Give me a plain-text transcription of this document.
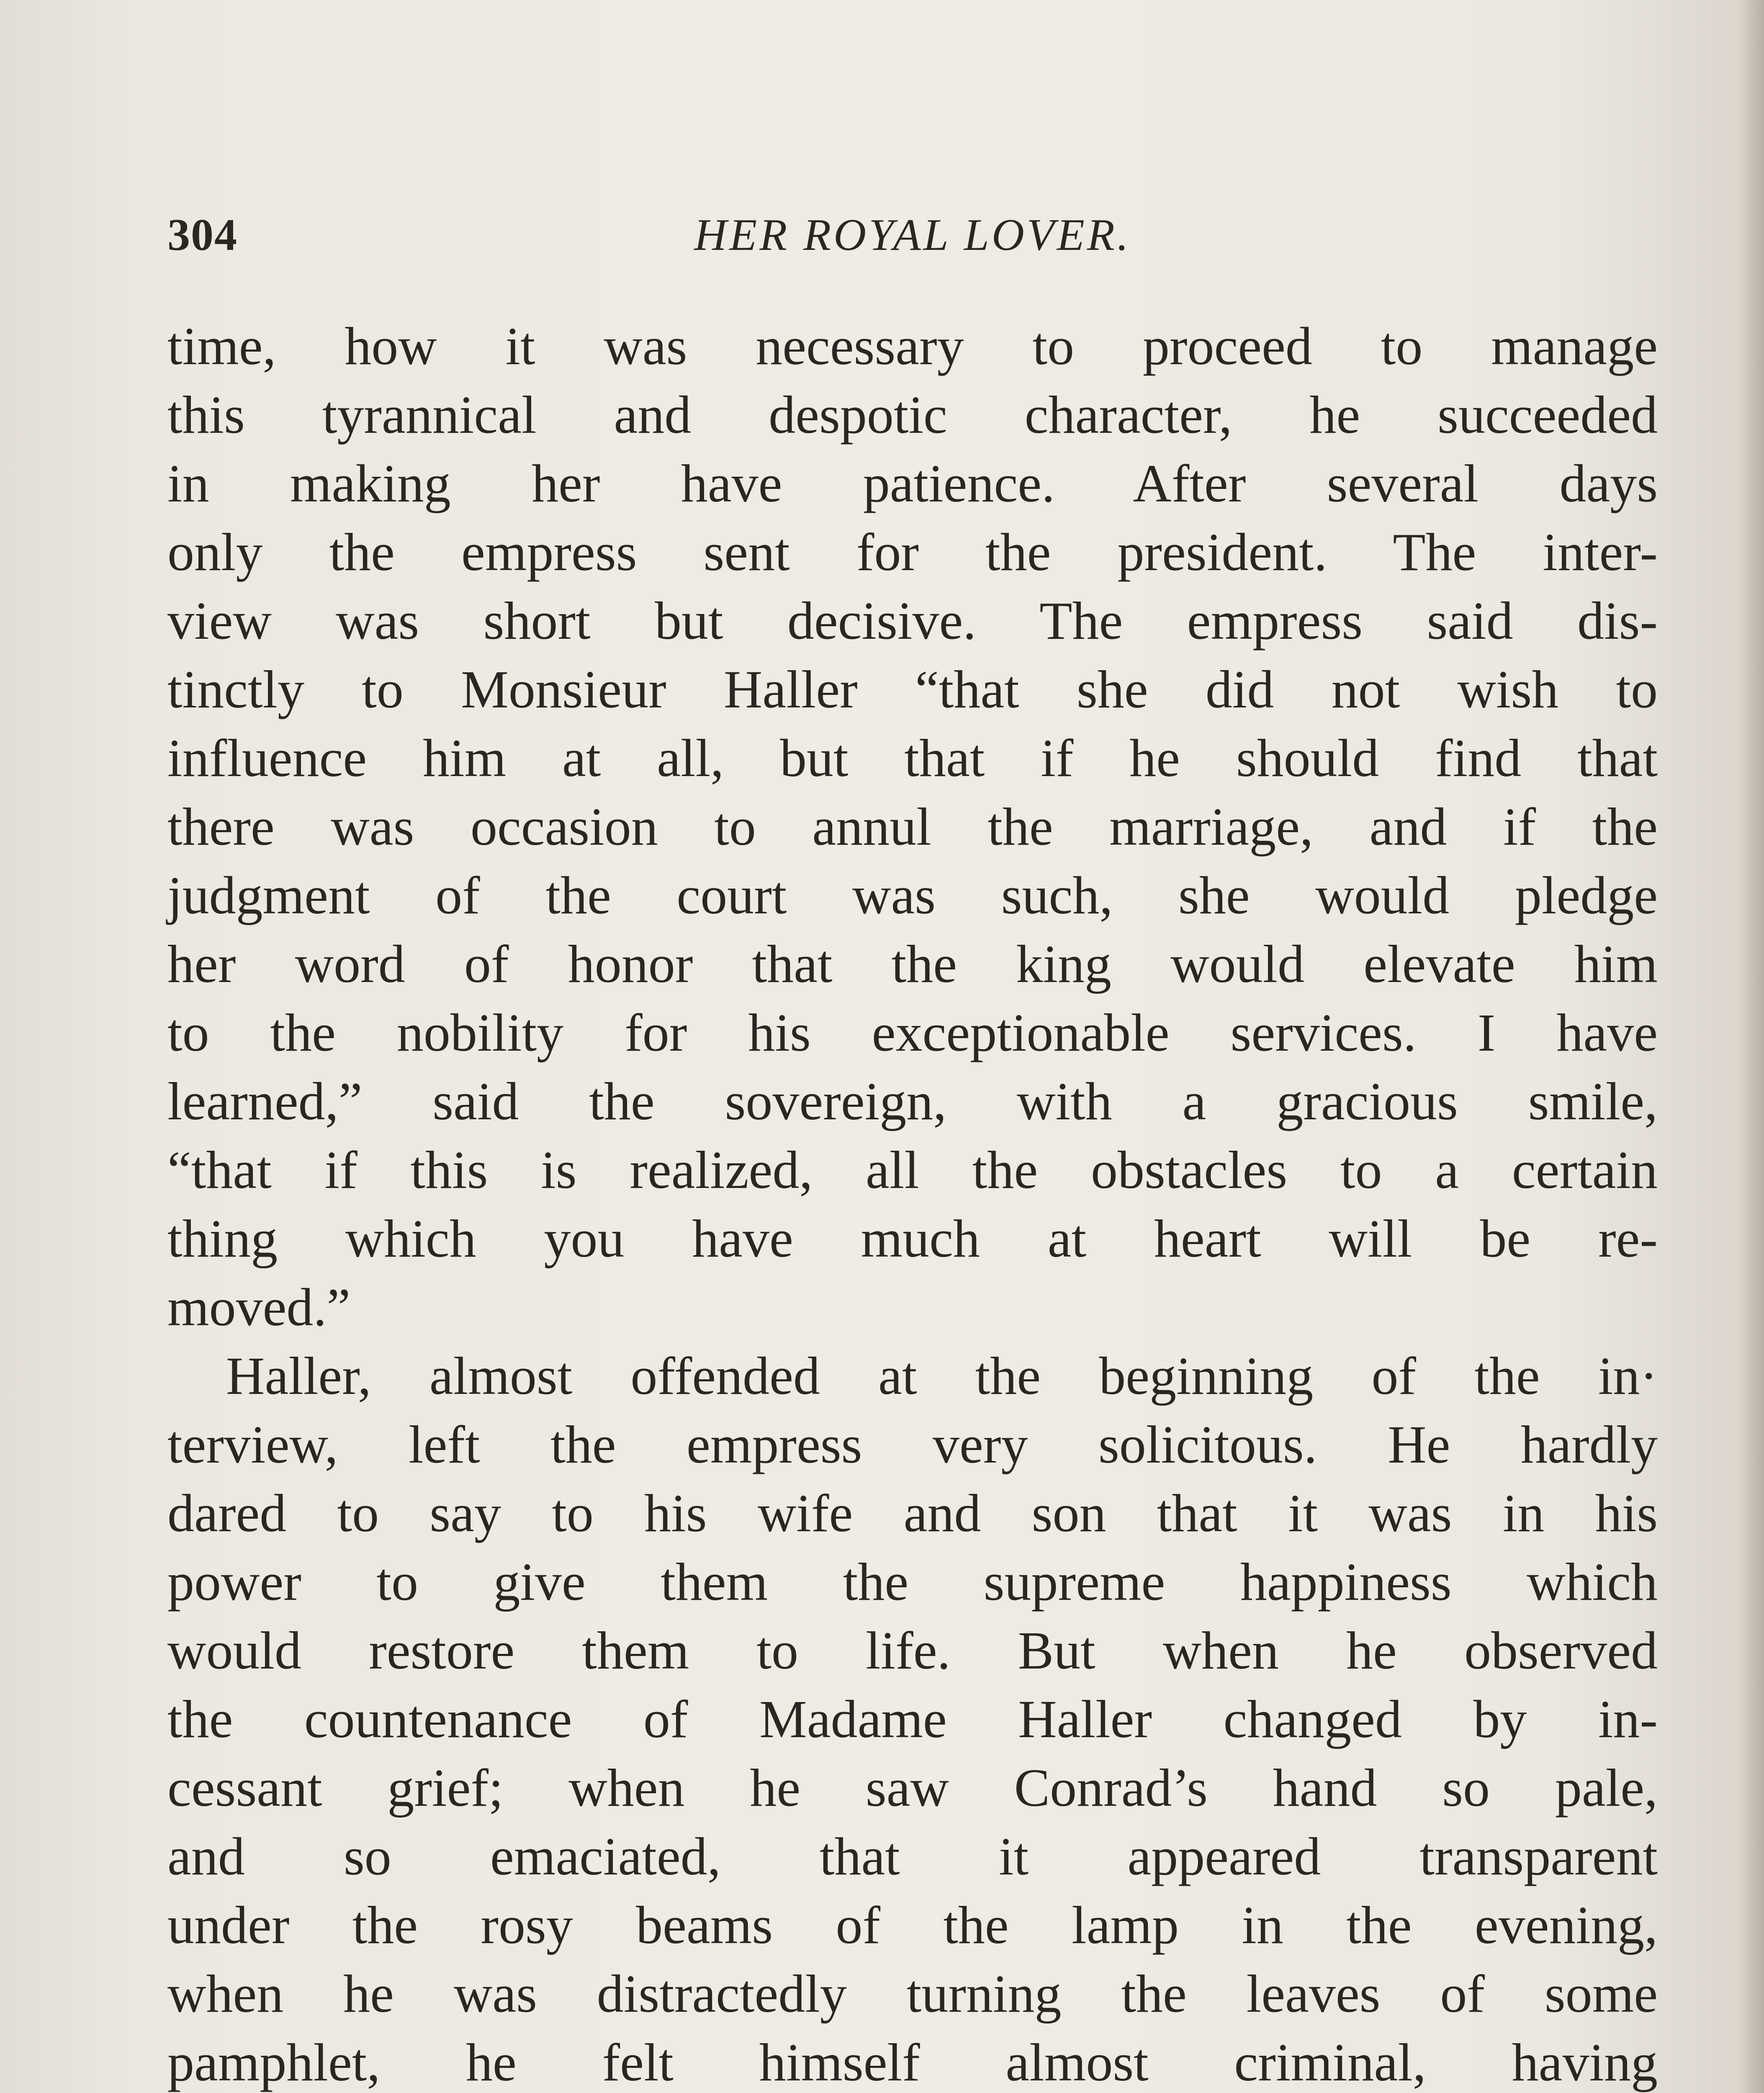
304	HER ROYAL LOVER.
time, how it was necessary to proceed to manage
this tyrannical and despotic character, he succeeded
in making her have patience. After several days
only the empress sent for the president. The inter-
view was short but decisive. The empress said dis-
tinctly to Monsieur Haller “that she did not wish to
influence him at all, but that if he should find that
there was occasion to annul the marriage, and if the
judgment of the court was such, she would pledge
her word of honor that the king would elevate him
to the nobility for his exceptionable services. I have
learned,” said the sovereign, with a gracious smile,
“that if this is realized, all the obstacles to a certain
thing which you have much at heart will be re-
moved.”
Haller, almost offended at the beginning of the in·
terview, left the empress very solicitous. He hardly
dared to say to his wife and son that it was in his
power to give them the supreme happiness which
would restore them to life. But when he observed
the countenance of Madame Haller changed by in-
cessant grief; when he saw Conrad’s hand so pale,
and so emaciated, that it appeared transparent
under the rosy beams of the lamp in the evening,
when he was distractedly turning the leaves of some
pamphlet, he felt himself almost criminal, having
